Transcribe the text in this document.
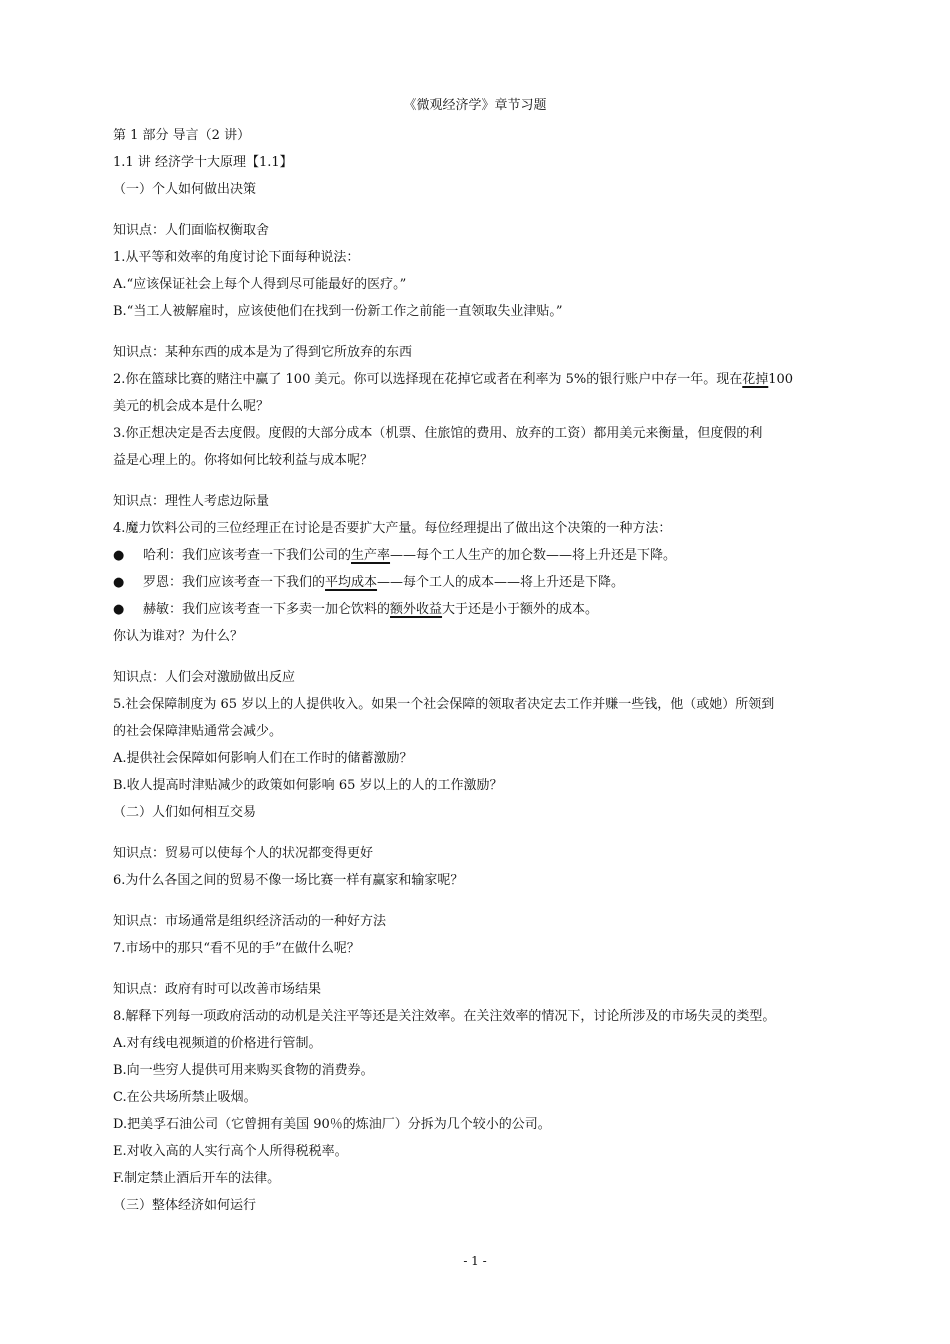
《微观经济学》章节习题
第 1 部分 导言（2 讲）
1.1 讲 经济学十大原理【1.1】
（一）个人如何做出决策
知识点：人们面临权衡取舍
1.从平等和效率的角度讨论下面每种说法：
A.“应该保证社会上每个人得到尽可能最好的医疗。”
B.“当工人被解雇时，应该使他们在找到一份新工作之前能一直领取失业津贴。”
知识点：某种东西的成本是为了得到它所放弃的东西
2.你在篮球比赛的赌注中赢了 100 美元。你可以选择现在花掉它或者在利率为 5%的银行账户中存一年。现在花掉100
美元的机会成本是什么呢？
3.你正想决定是否去度假。度假的大部分成本（机票、住旅馆的费用、放弃的工资）都用美元来衡量，但度假的利
益是心理上的。你将如何比较利益与成本呢？
知识点：理性人考虑边际量
4.魔力饮料公司的三位经理正在讨论是否要扩大产量。每位经理提出了做出这个决策的一种方法：
● 哈利：我们应该考查一下我们公司的生产率——每个工人生产的加仑数——将上升还是下降。
● 罗恩：我们应该考查一下我们的平均成本——每个工人的成本——将上升还是下降。
● 赫敏：我们应该考查一下多卖一加仑饮料的额外收益大于还是小于额外的成本。
你认为谁对？为什么？
知识点：人们会对激励做出反应
5.社会保障制度为 65 岁以上的人提供收入。如果一个社会保障的领取者决定去工作并赚一些钱，他（或她）所领到
的社会保障津贴通常会减少。
A.提供社会保障如何影响人们在工作时的储蓄激励？
B.收人提高时津贴减少的政策如何影响 65 岁以上的人的工作激励？
（二）人们如何相互交易
知识点：贸易可以使每个人的状况都变得更好
6.为什么各国之间的贸易不像一场比赛一样有赢家和输家呢？
知识点：市场通常是组织经济活动的一种好方法
7.市场中的那只“看不见的手”在做什么呢？
知识点：政府有时可以改善市场结果
8.解释下列每一项政府活动的动机是关注平等还是关注效率。在关注效率的情况下，讨论所涉及的市场失灵的类型。
A.对有线电视频道的价格进行管制。
B.向一些穷人提供可用来购买食物的消费券。
C.在公共场所禁止吸烟。
D.把美孚石油公司（它曾拥有美国 90％的炼油厂）分拆为几个较小的公司。
E.对收入高的人实行高个人所得税税率。
F.制定禁止酒后开车的法律。
（三）整体经济如何运行
- 1 -
